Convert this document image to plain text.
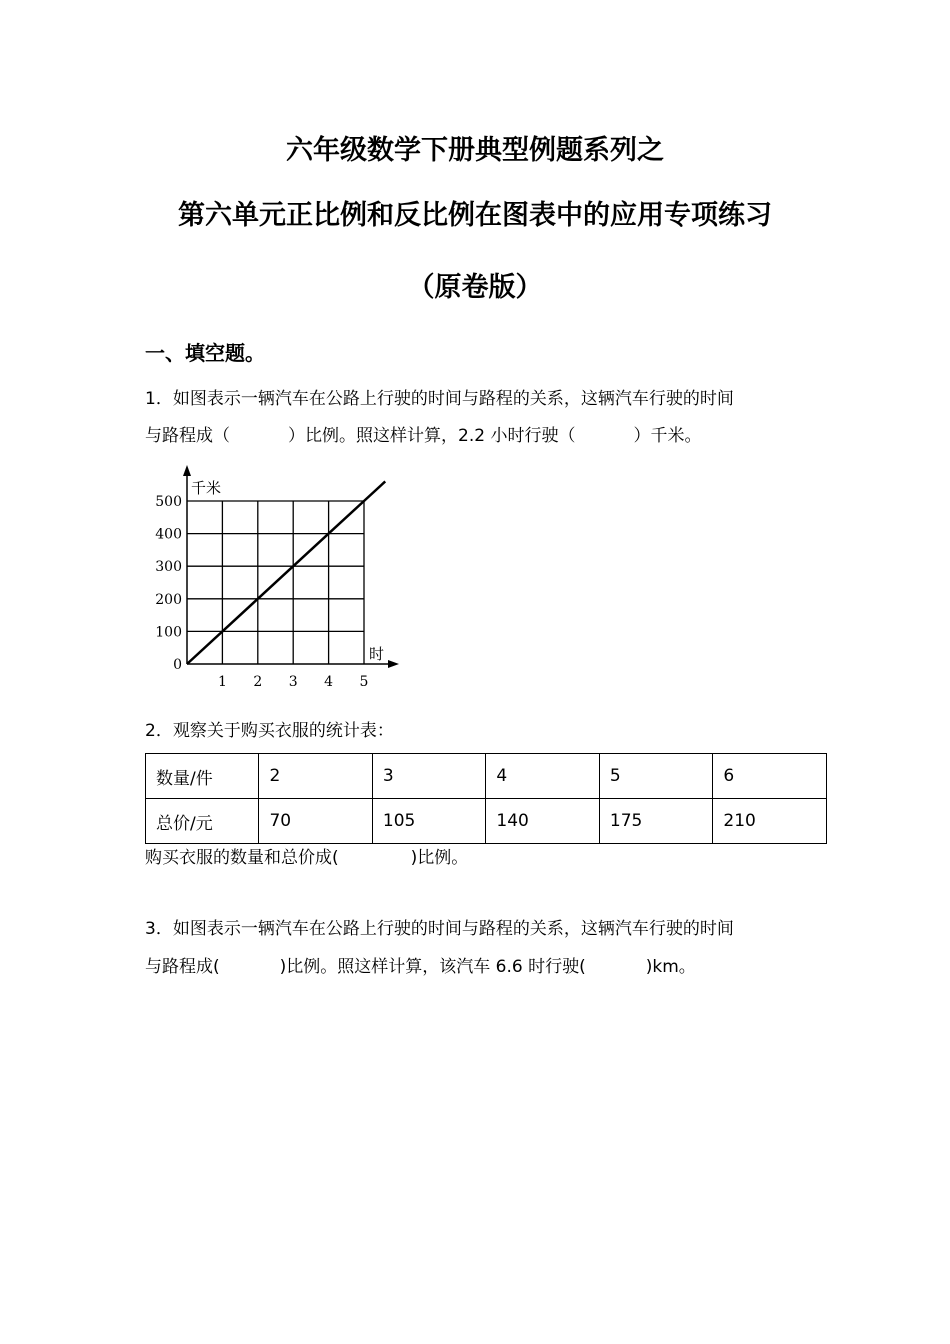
六年级数学下册典型例题系列之
第六单元正比例和反比例在图表中的应用专项练习
（原卷版）
一、填空题。

1．如图表示一辆汽车在公路上行驶的时间与路程的关系，这辆汽车行驶的时间

与路程成（	）比例。照这样计算，2.2 小时行驶（	）千米。

0
100
200
300
400
500
1 2 3 4 5
千米
时

2．观察关于购买衣服的统计表：

数量/件	2	3	4	5	6
总价/元	70	105	140	175	210

购买衣服的数量和总价成(	)比例。

3．如图表示一辆汽车在公路上行驶的时间与路程的关系，这辆汽车行驶的时间

与路程成(	)比例。照这样计算，该汽车 6.6 时行驶(	)km。
